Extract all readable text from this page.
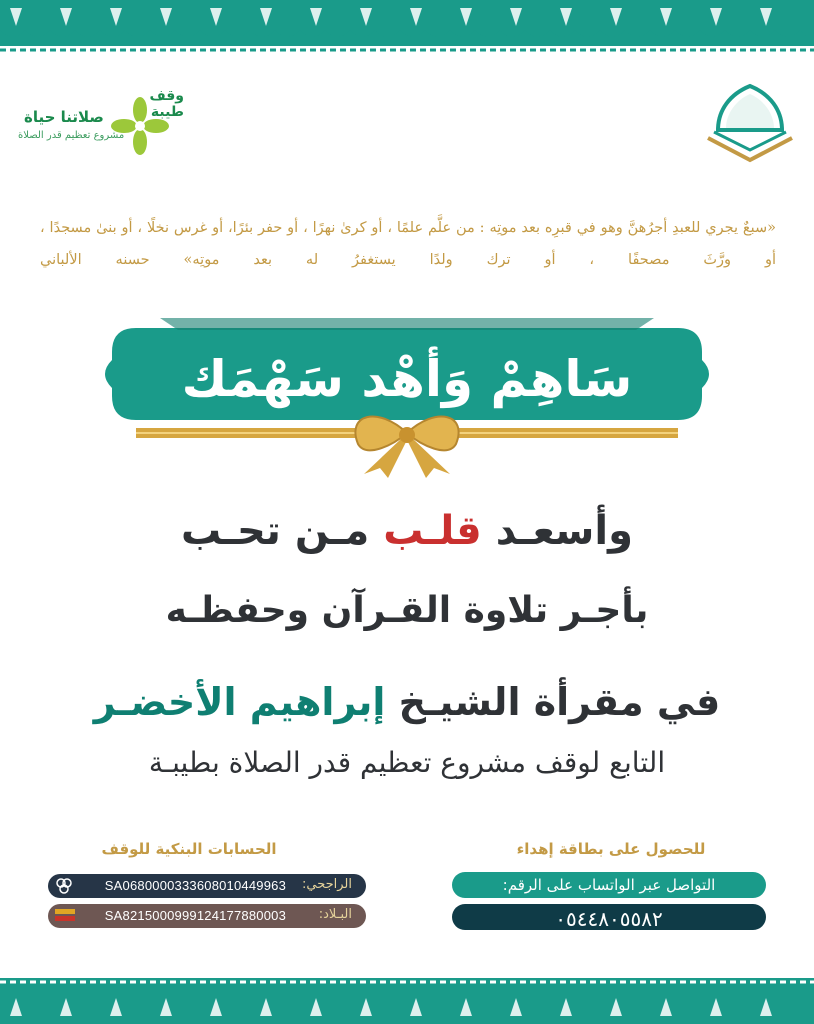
وقف طيبة
صلاتنا حياة
مشروع تعظيم قدر الصلاة
«سبعٌ يجري للعبدِ أجرُهنَّ وهو في قبرِه بعد موتِه : من علَّم علمًا ، أو كرىٰ نهرًا ، أو حفر بئرًا، أو غرس نخلًا ، أو بنىٰ مسجدًا ، أو ورَّثَ مصحفًا ، أو ترك ولدًا يستغفرُ له بعد موتِه» حسنه الألباني
سَاهِمْ وَأهْد سَهْمَك
وأسعـد قلـب مـن تحـب
بأجـر تلاوة القـرآن وحفظـه
في مقرأة الشيـخ إبراهيم الأخضـر
التابع لوقف مشروع تعظيم قدر الصلاة بطيبـة
الحسابات البنكية للوقف
الراجحي:
SA0680000333608010449963
البـلاد:
SA8215000999124177880003
للحصول على بطاقة إهداء
التواصل عبر الواتساب على الرقم:
٠٥٤٤٨٠٥٥٨٢
